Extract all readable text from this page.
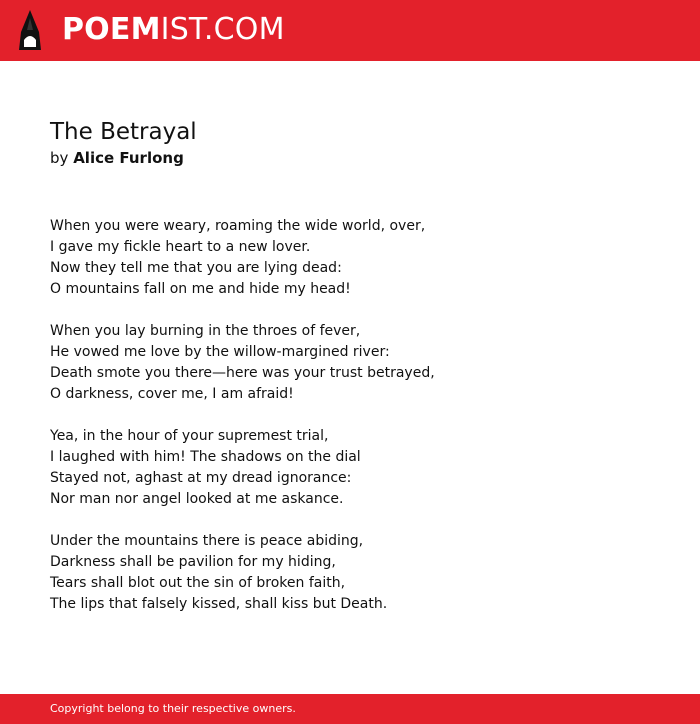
POEMIST.COM
The Betrayal
by Alice Furlong
When you were weary, roaming the wide world, over,
I gave my fickle heart to a new lover.
Now they tell me that you are lying dead:
O mountains fall on me and hide my head!
When you lay burning in the throes of fever,
He vowed me love by the willow-margined river:
Death smote you there—here was your trust betrayed,
O darkness, cover me, I am afraid!
Yea, in the hour of your supremest trial,
I laughed with him! The shadows on the dial
Stayed not, aghast at my dread ignorance:
Nor man nor angel looked at me askance.
Under the mountains there is peace abiding,
Darkness shall be pavilion for my hiding,
Tears shall blot out the sin of broken faith,
The lips that falsely kissed, shall kiss but Death.
Copyright belong to their respective owners.
